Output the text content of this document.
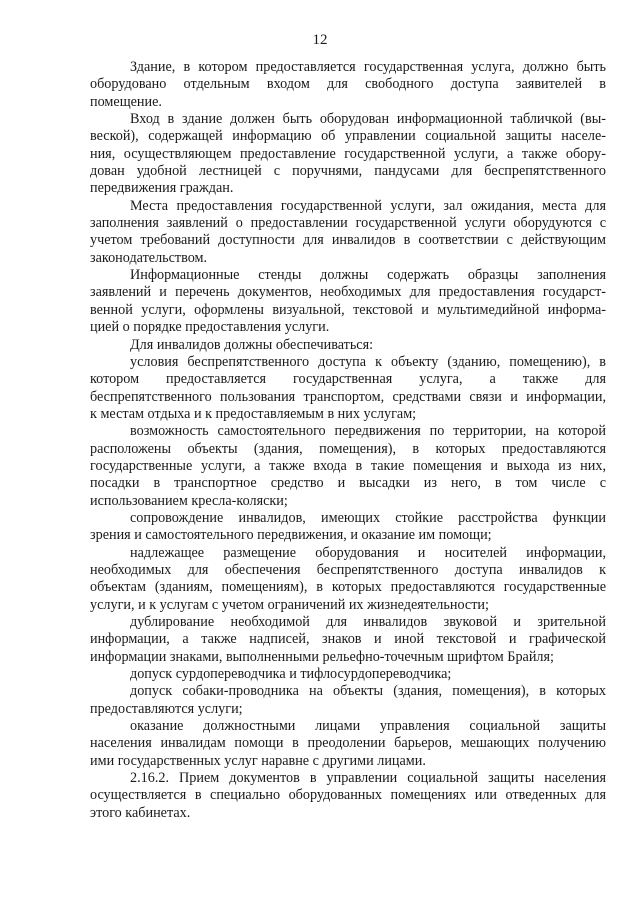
12
Здание, в котором предоставляется государственная услуга, должно быть
оборудовано отдельным входом для свободного доступа заявителей в
помещение.
Вход в здание должен быть оборудован информационной табличкой (вы-
веской), содержащей информацию об управлении социальной защиты населе-
ния, осуществляющем предоставление государственной услуги, а также обору-
дован удобной лестницей с поручнями, пандусами для беспрепятственного
передвижения граждан.
Места предоставления государственной услуги, зал ожидания, места для
заполнения заявлений о предоставлении государственной услуги оборудуются с
учетом требований доступности для инвалидов в соответствии с действующим
законодательством.
Информационные стенды должны содержать образцы заполнения
заявлений и перечень документов, необходимых для предоставления государст-
венной услуги, оформлены визуальной, текстовой и мультимедийной информа-
цией о порядке предоставления услуги.
Для инвалидов должны обеспечиваться:
условия беспрепятственного доступа к объекту (зданию, помещению), в
котором предоставляется государственная услуга, а также для
беспрепятственного пользования транспортом, средствами связи и информации,
к местам отдыха и к предоставляемым в них услугам;
возможность самостоятельного передвижения по территории, на которой
расположены объекты (здания, помещения), в которых предоставляются
государственные услуги, а также входа в такие помещения и выхода из них,
посадки в транспортное средство и высадки из него, в том числе с
использованием кресла-коляски;
сопровождение инвалидов, имеющих стойкие расстройства функции
зрения и самостоятельного передвижения, и оказание им помощи;
надлежащее размещение оборудования и носителей информации,
необходимых для обеспечения беспрепятственного доступа инвалидов к
объектам (зданиям, помещениям), в которых предоставляются государственные
услуги, и к услугам с учетом ограничений их жизнедеятельности;
дублирование необходимой для инвалидов звуковой и зрительной
информации, а также надписей, знаков и иной текстовой и графической
информации знаками, выполненными рельефно-точечным шрифтом Брайля;
допуск сурдопереводчика и тифлосурдопереводчика;
допуск собаки-проводника на объекты (здания, помещения), в которых
предоставляются услуги;
оказание должностными лицами управления социальной защиты
населения инвалидам помощи в преодолении барьеров, мешающих получению
ими государственных услуг наравне с другими лицами.
2.16.2. Прием документов в управлении социальной защиты населения
осуществляется в специально оборудованных помещениях или отведенных для
этого кабинетах.
